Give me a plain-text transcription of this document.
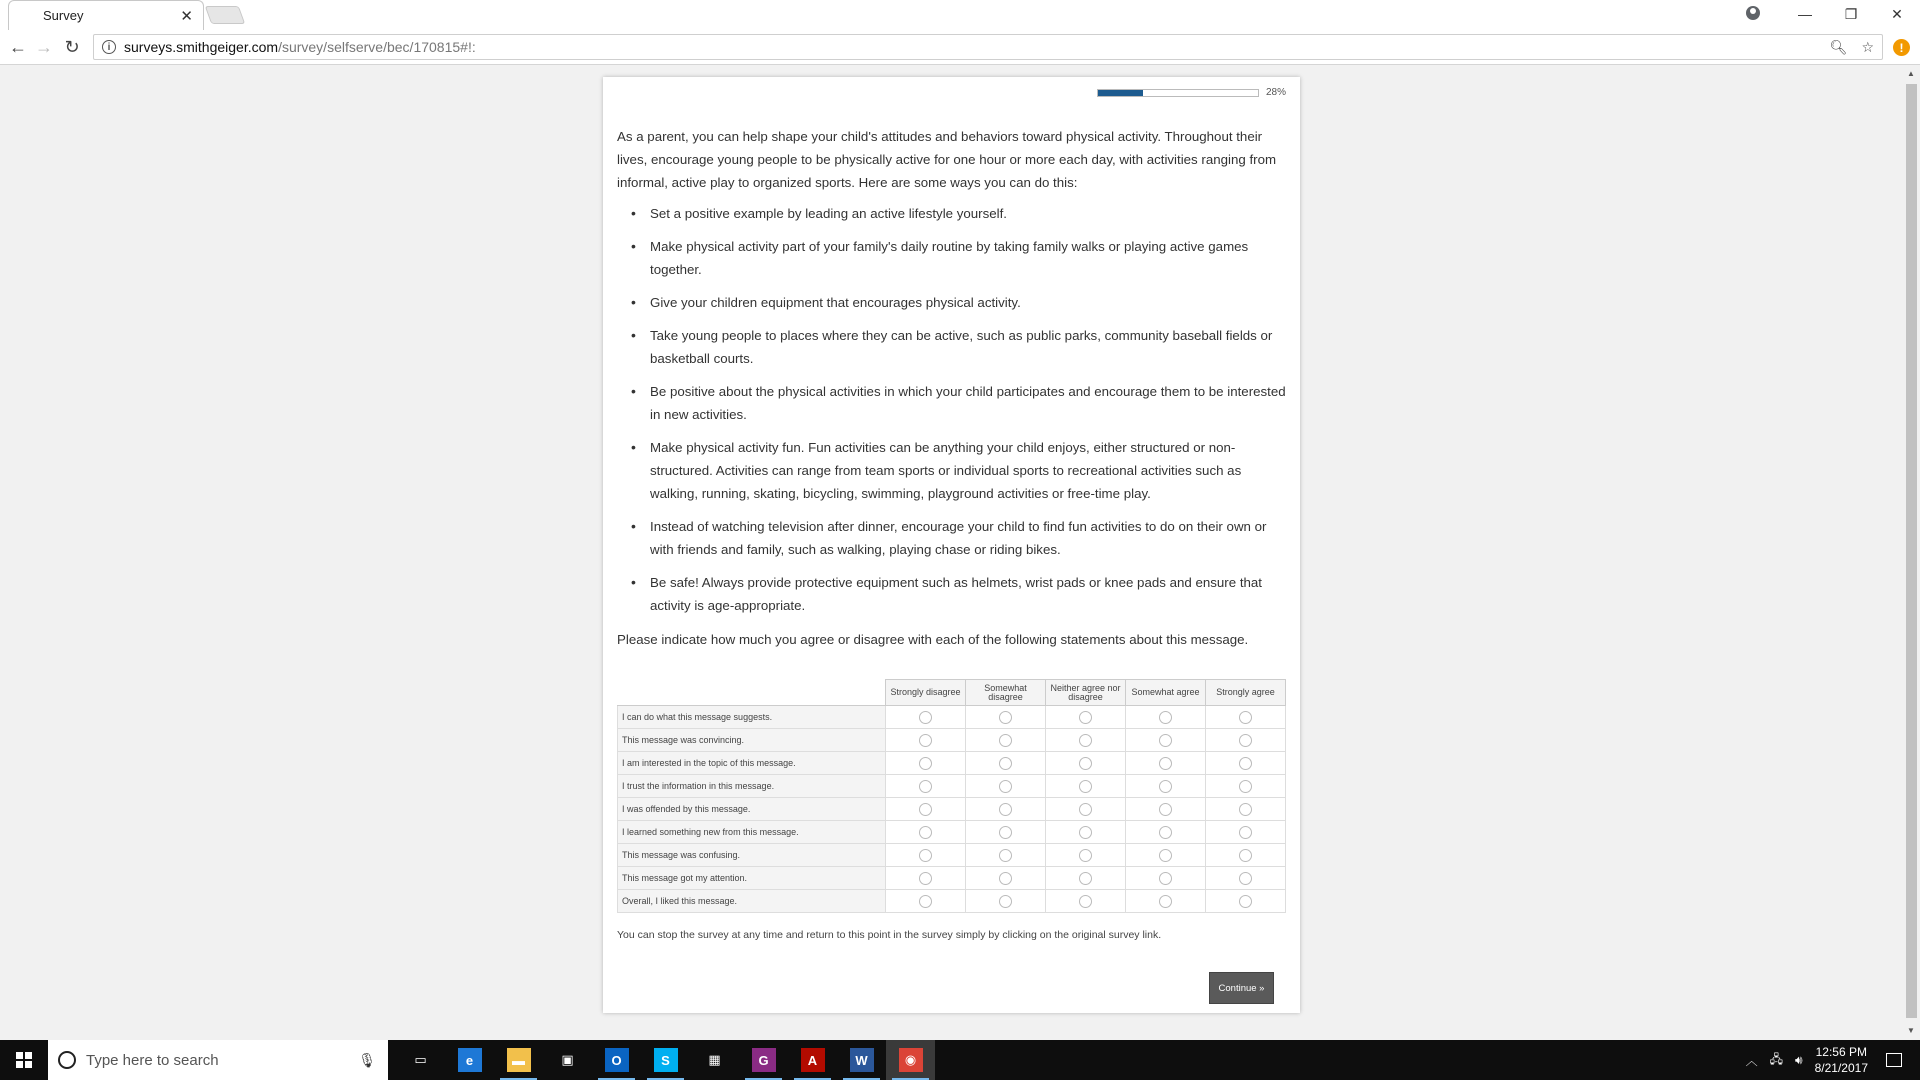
Survey	✕	—	❐	✕
← → ↻	i surveys.smithgeiger.com /survey/selfserve/bec/170815#!:	🔍︎ ☆	!
28%

As a parent, you can help shape your child's attitudes and behaviors toward physical activity. Throughout their lives, encourage young people to be physically active for one hour or more each day, with activities ranging from informal, active play to organized sports. Here are some ways you can do this:

• Set a positive example by leading an active lifestyle yourself.
• Make physical activity part of your family's daily routine by taking family walks or playing active games together.
• Give your children equipment that encourages physical activity.
• Take young people to places where they can be active, such as public parks, community baseball fields or basketball courts.
• Be positive about the physical activities in which your child participates and encourage them to be interested in new activities.
• Make physical activity fun. Fun activities can be anything your child enjoys, either structured or non-structured. Activities can range from team sports or individual sports to recreational activities such as walking, running, skating, bicycling, swimming, playground activities or free-time play.
• Instead of watching television after dinner, encourage your child to find fun activities to do on their own or with friends and family, such as walking, playing chase or riding bikes.
• Be safe! Always provide protective equipment such as helmets, wrist pads or knee pads and ensure that activity is age-appropriate.

Please indicate how much you agree or disagree with each of the following statements about this message.

	Strongly disagree	Somewhat disagree	Neither agree nor disagree	Somewhat agree	Strongly agree
I can do what this message suggests.					
This message was convincing.					
I am interested in the topic of this message.					
I trust the information in this message.					
I was offended by this message.					
I learned something new from this message.					
This message was confusing.					
This message got my attention.					
Overall, I liked this message.					

You can stop the survey at any time and return to this point in the survey simply by clicking on the original survey link.

Continue »
▲
▼
Type here to search	🎙︎	▭	e	▬	▣	O	S	▦	G	A	W	◉	︿ 🖧︎ 🔊︎
12:56 PM
8/21/2017
